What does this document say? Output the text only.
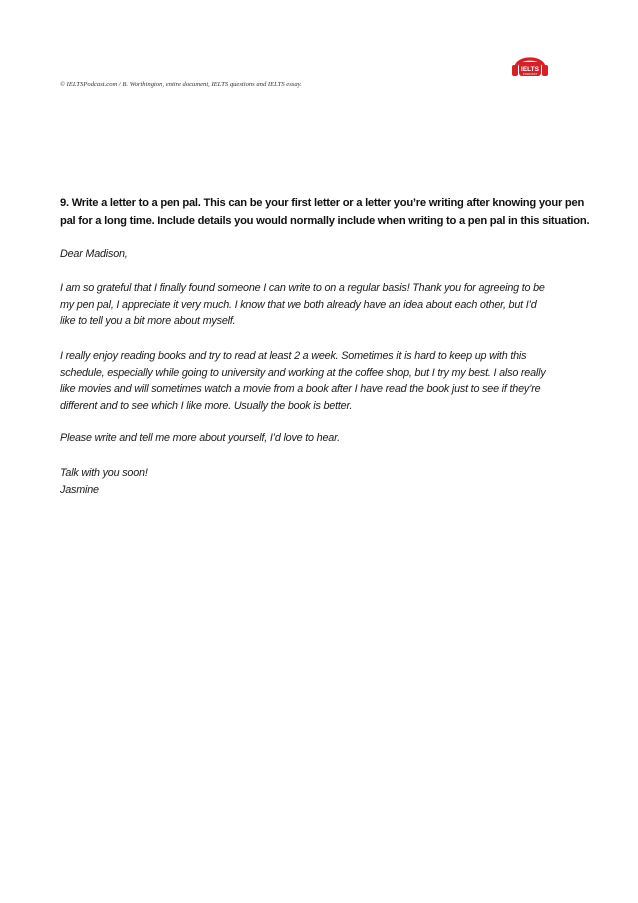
IELTS
PODCAST
© IELTSPodcast.com / B. Worthington, entire document, IELTS questions and IELTS essay.
9. Write a letter to a pen pal. This can be your first letter or a letter you’re writing after knowing your pen
pal for a long time. Include details you would normally include when writing to a pen pal in this situation.
Dear Madison,
I am so grateful that I finally found someone I can write to on a regular basis! Thank you for agreeing to be
my pen pal, I appreciate it very much. I know that we both already have an idea about each other, but I’d
like to tell you a bit more about myself.
I really enjoy reading books and try to read at least 2 a week. Sometimes it is hard to keep up with this
schedule, especially while going to university and working at the coffee shop, but I try my best. I also really
like movies and will sometimes watch a movie from a book after I have read the book just to see if they’re
different and to see which I like more. Usually the book is better.
Please write and tell me more about yourself, I’d love to hear.
Talk with you soon!
Jasmine
